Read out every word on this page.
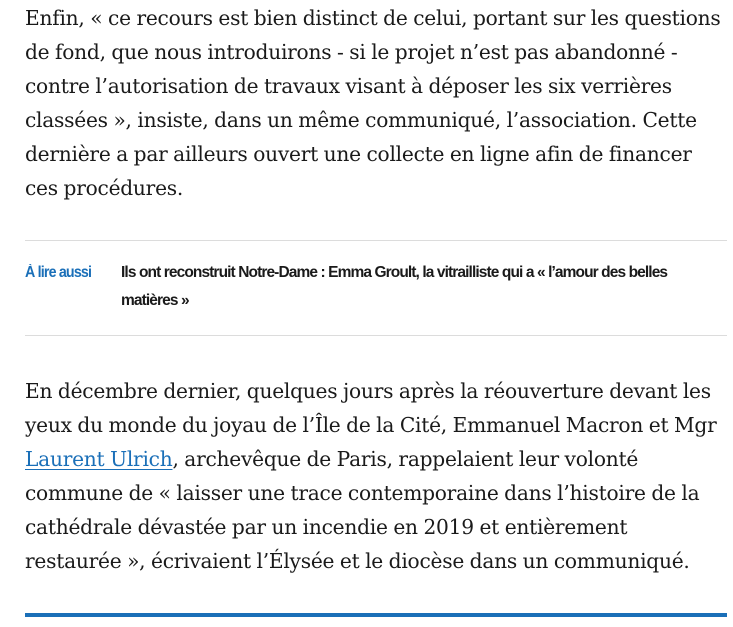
Enfin, « ce recours est bien distinct de celui, portant sur les questions de fond, que nous introduirons - si le projet n’est pas abandonné - contre l’autorisation de travaux visant à déposer les six verrières classées », insiste, dans un même communiqué, l’association. Cette dernière a par ailleurs ouvert une collecte en ligne afin de financer ces procédures.

À lire aussi	Ils ont reconstruit Notre-Dame : Emma Groult, la vitrailliste qui a « l’amour des belles matières »

En décembre dernier, quelques jours après la réouverture devant les yeux du monde du joyau de l’Île de la Cité, Emmanuel Macron et Mgr Laurent Ulrich, archevêque de Paris, rappelaient leur volonté commune de « laisser une trace contemporaine dans l’histoire de la cathédrale dévastée par un incendie en 2019 et entièrement restaurée », écrivaient l’Élysée et le diocèse dans un communiqué.
